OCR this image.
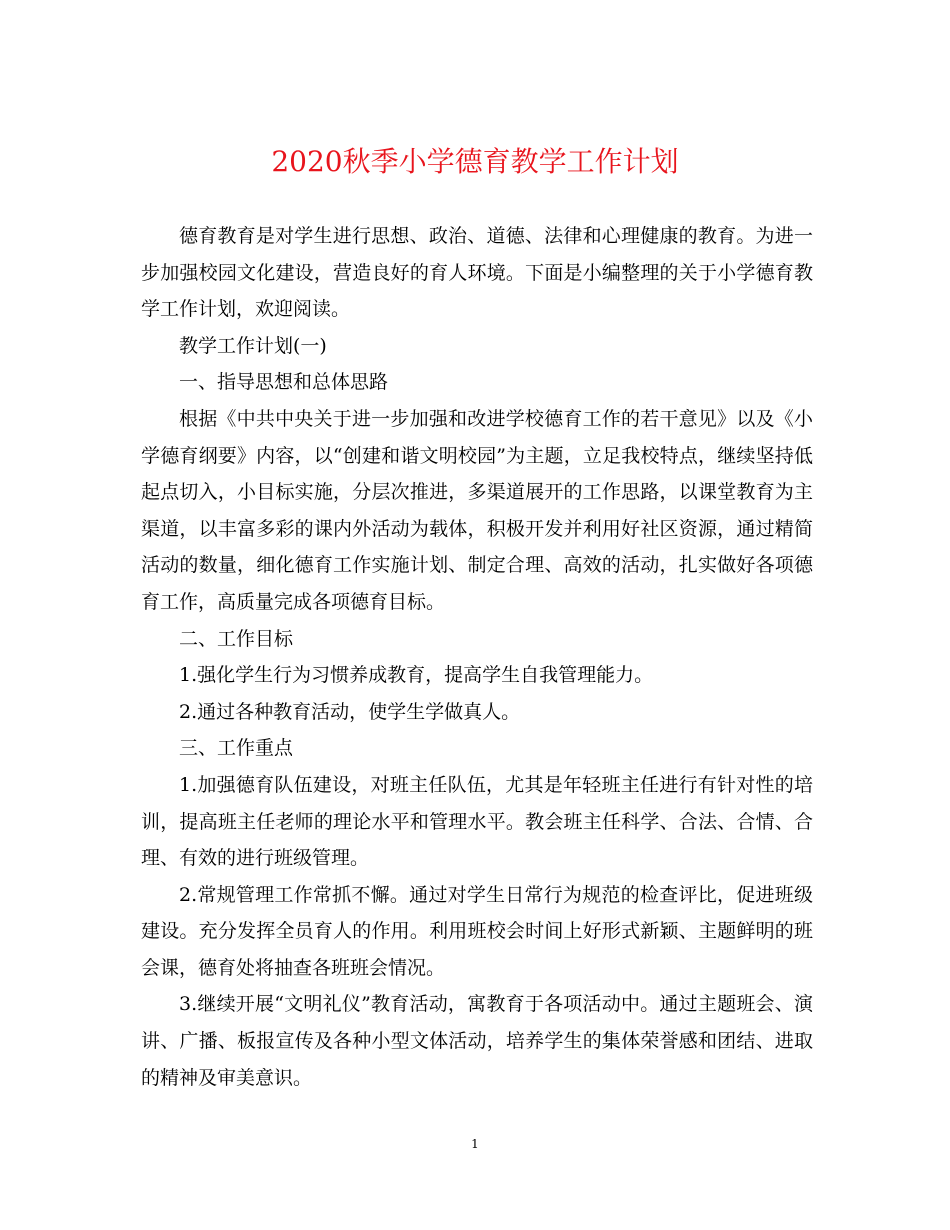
2020秋季小学德育教学工作计划

德育教育是对学生进行思想、政治、道德、法律和心理健康的教育。为进一步加强校园文化建设，营造良好的育人环境。下面是小编整理的关于小学德育教学工作计划，欢迎阅读。

教学工作计划(一)

一、指导思想和总体思路

根据《中共中央关于进一步加强和改进学校德育工作的若干意见》以及《小学德育纲要》内容，以“创建和谐文明校园”为主题，立足我校特点，继续坚持低起点切入，小目标实施，分层次推进，多渠道展开的工作思路，以课堂教育为主渠道，以丰富多彩的课内外活动为载体，积极开发并利用好社区资源，通过精简活动的数量，细化德育工作实施计划、制定合理、高效的活动，扎实做好各项德育工作，高质量完成各项德育目标。

二、工作目标

1.强化学生行为习惯养成教育，提高学生自我管理能力。

2.通过各种教育活动，使学生学做真人。

三、工作重点

1.加强德育队伍建设，对班主任队伍，尤其是年轻班主任进行有针对性的培训，提高班主任老师的理论水平和管理水平。教会班主任科学、合法、合情、合理、有效的进行班级管理。

2.常规管理工作常抓不懈。通过对学生日常行为规范的检查评比，促进班级建设。充分发挥全员育人的作用。利用班校会时间上好形式新颖、主题鲜明的班会课，德育处将抽查各班班会情况。

3.继续开展“文明礼仪”教育活动，寓教育于各项活动中。通过主题班会、演讲、广播、板报宣传及各种小型文体活动，培养学生的集体荣誉感和团结、进取的精神及审美意识。

1
